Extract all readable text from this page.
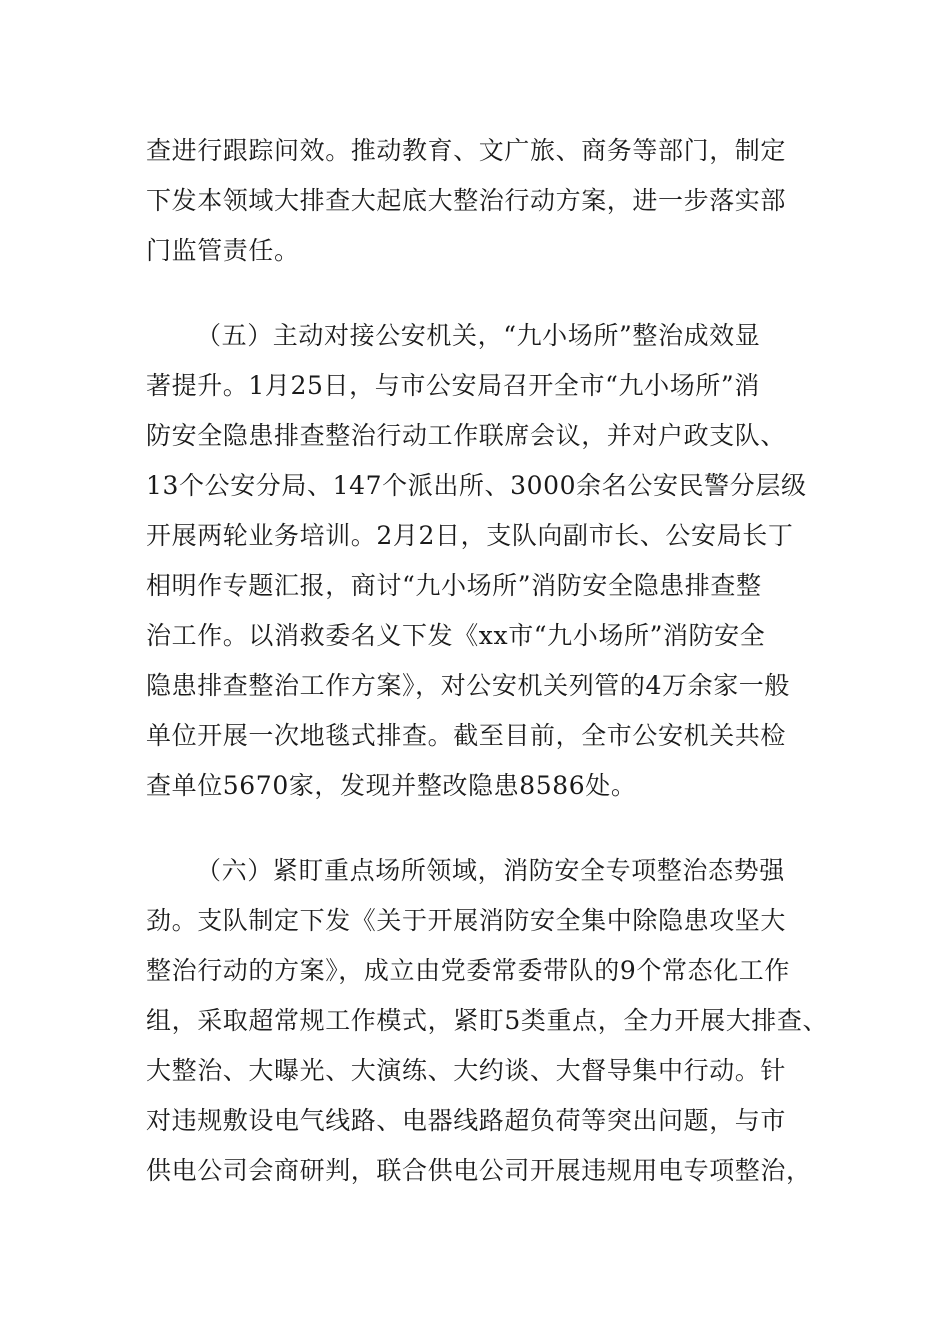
查进行跟踪问效。推动教育、文广旅、商务等部门，制定
下发本领域大排查大起底大整治行动方案，进一步落实部
门监管责任。
（五）主动对接公安机关，“九小场所”整治成效显
著提升。1月25日，与市公安局召开全市“九小场所”消
防安全隐患排查整治行动工作联席会议，并对户政支队、
13个公安分局、147个派出所、3000余名公安民警分层级
开展两轮业务培训。2月2日，支队向副市长、公安局长丁
相明作专题汇报，商讨“九小场所”消防安全隐患排查整
治工作。以消救委名义下发《xx市“九小场所”消防安全
隐患排查整治工作方案》，对公安机关列管的4万余家一般
单位开展一次地毯式排查。截至目前，全市公安机关共检
查单位5670家，发现并整改隐患8586处。
（六）紧盯重点场所领域，消防安全专项整治态势强
劲。支队制定下发《关于开展消防安全集中除隐患攻坚大
整治行动的方案》，成立由党委常委带队的9个常态化工作
组，采取超常规工作模式，紧盯5类重点，全力开展大排查、
大整治、大曝光、大演练、大约谈、大督导集中行动。针
对违规敷设电气线路、电器线路超负荷等突出问题，与市
供电公司会商研判，联合供电公司开展违规用电专项整治，
